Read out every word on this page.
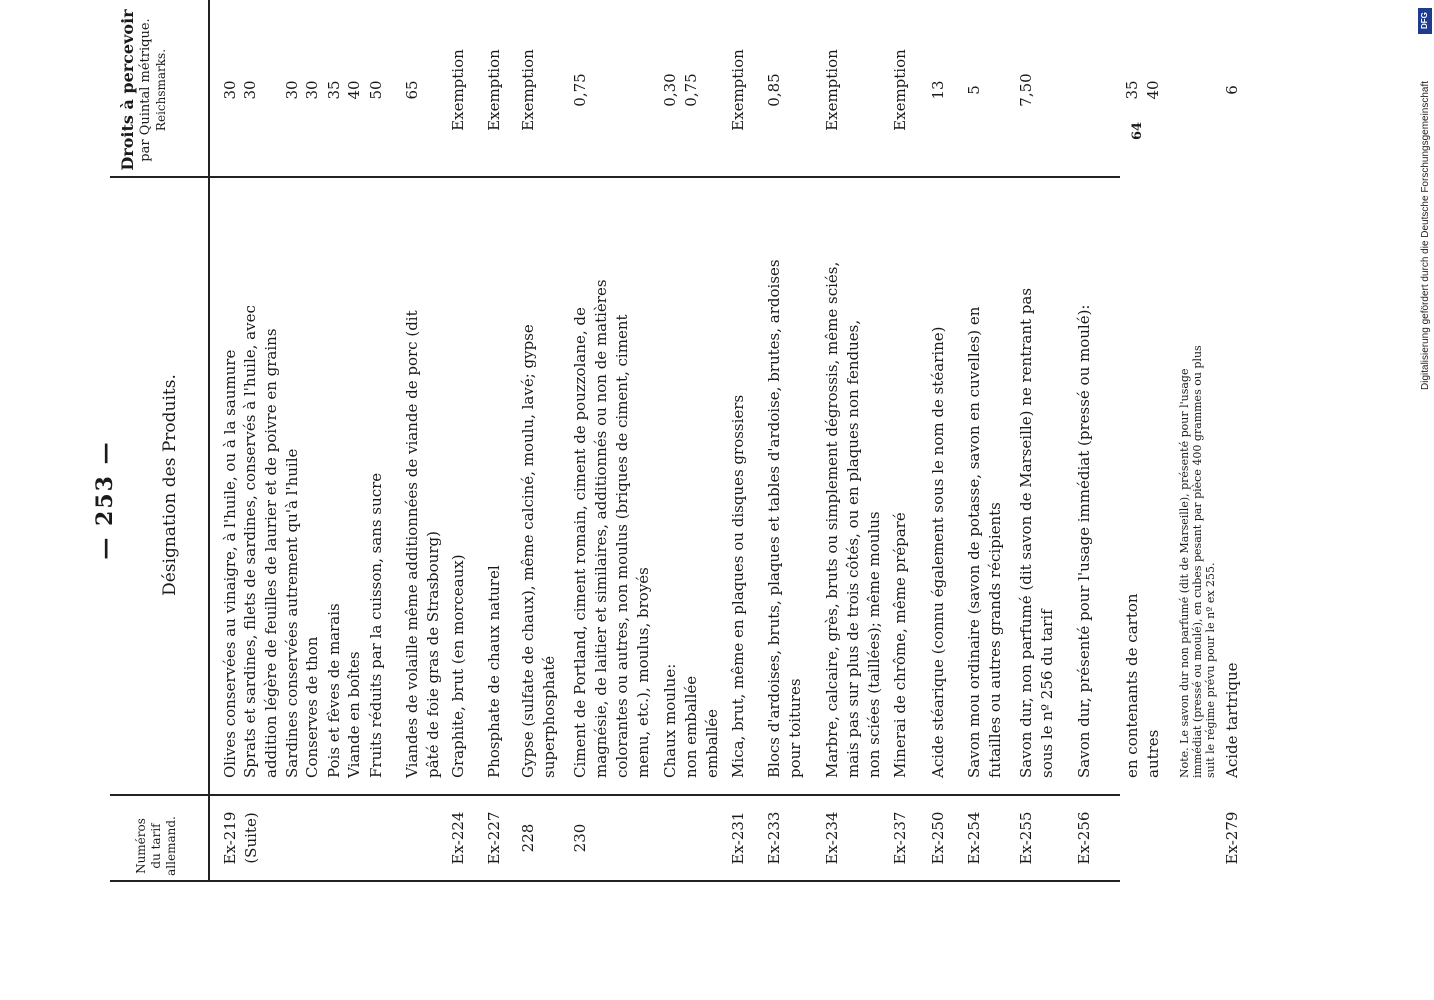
— 253 —
Numéros
du tarif
allemand.
Désignation des Produits.
Droits à percevoir par Quintal métrique. Reichsmarks.
Ex-219
(Suite)
Olives conservées au vinaigre, à l'huile, ou à la saumure
30
Sprats et sardines, filets de sardines, conservés à l'huile, avec
addition légère de feuilles de laurier et de poivre en grains
30
Sardines conservées autrement qu'à l'huile
30
Conserves de thon
30
Pois et fèves de marais
35
Viande en boîtes
40
Fruits réduits par la cuisson, sans sucre
50
Viandes de volaille même additionnées de viande de porc (dit
pâté de foie gras de Strasbourg)
65
Ex-224
Graphite, brut (en morceaux)
Exemption
Ex-227
Phosphate de chaux naturel
Exemption
228
Gypse (sulfate de chaux), même calciné, moulu, lavé; gypse
superphosphaté
Exemption
230
Ciment de Portland, ciment romain, ciment de pouzzolane, de
magnésie, de laitier et similaires, additionnés ou non de matières
colorantes ou autres, non moulus (briques de ciment, ciment
menu, etc.), moulus, broyés
0,75
Chaux moulue:
non emballée
emballée
0,30
0,75
Ex-231
Mica, brut, même en plaques ou disques grossiers
Exemption
Ex-233
Blocs d'ardoises, bruts, plaques et tables d'ardoise, brutes, ardoises
pour toitures
0,85
Ex-234
Marbre, calcaire, grès, bruts ou simplement dégrossis, même sciés,
mais pas sur plus de trois côtés, ou en plaques non fendues,
non sciées (taillées); même moulus
Exemption
Ex-237
Minerai de chrôme, même préparé
Exemption
Ex-250
Acide stéarique (connu également sous le nom de stéarine)
13
Ex-254
Savon mou ordinaire (savon de potasse, savon en cuvelles) en
futailles ou autres grands récipients
5
Ex-255
Savon dur, non parfumé (dit savon de Marseille) ne rentrant pas
sous le nº 256 du tarif
7,50
Ex-256
Savon dur, présenté pour l'usage immédiat (pressé ou moulé): en contenants de carton
autres
35
40
Note. Le savon dur non parfumé (dit de Marseille), présenté pour l'usage
immédiat (pressé ou moulé), en cubes pesant par pièce 400 grammes ou plus
suit le régime prévu pour le nº ex 255.
Ex-279
Acide tartrique
6
64	Digitalisierung gefördert durch die Deutsche Forschungsgemeinschaft
DFG
